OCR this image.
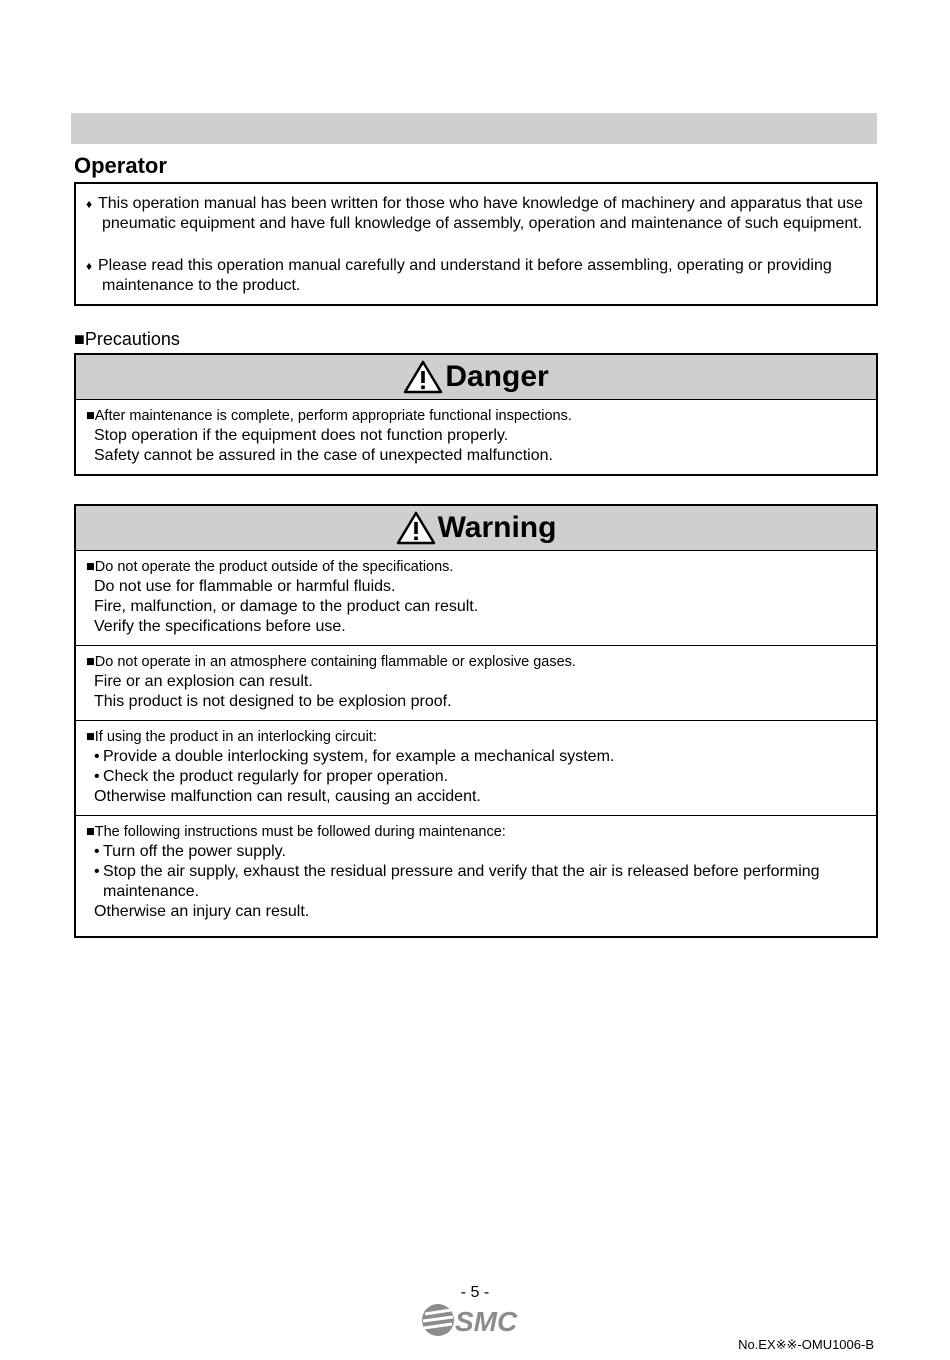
Operator
♦ This operation manual has been written for those who have knowledge of machinery and apparatus that use pneumatic equipment and have full knowledge of assembly, operation and maintenance of such equipment.
♦ Please read this operation manual carefully and understand it before assembling, operating or providing maintenance to the product.
■Precautions
Danger
■After maintenance is complete, perform appropriate functional inspections.
Stop operation if the equipment does not function properly.
Safety cannot be assured in the case of unexpected malfunction.
Warning
■Do not operate the product outside of the specifications.
Do not use for flammable or harmful fluids.
Fire, malfunction, or damage to the product can result.
Verify the specifications before use.
■Do not operate in an atmosphere containing flammable or explosive gases.
Fire or an explosion can result.
This product is not designed to be explosion proof.
■If using the product in an interlocking circuit:
• Provide a double interlocking system, for example a mechanical system.
• Check the product regularly for proper operation.
Otherwise malfunction can result, causing an accident.
■The following instructions must be followed during maintenance:
• Turn off the power supply.
• Stop the air supply, exhaust the residual pressure and verify that the air is released before performing
maintenance.
Otherwise an injury can result.
- 5 -
SMC
No.EX※※-OMU1006-B
